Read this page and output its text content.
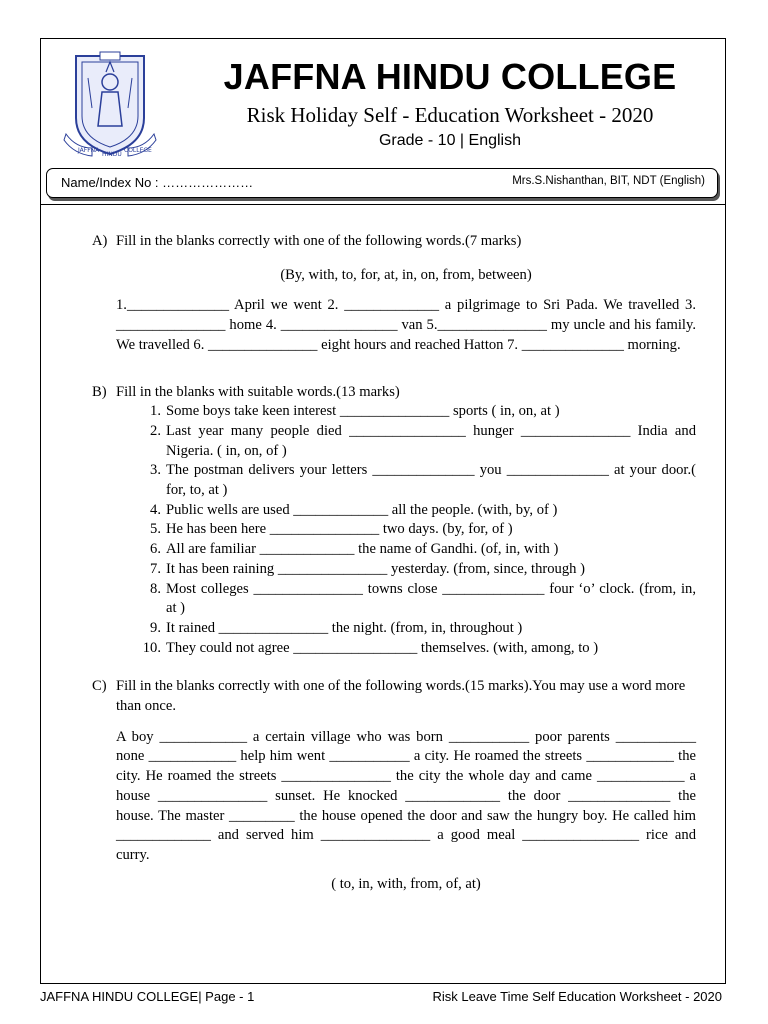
JAFFNA
HINDU
COLLEGE
JAFFNA HINDU COLLEGE
Risk Holiday Self - Education Worksheet - 2020
Grade - 10 | English
Name/Index No : …………………	Mrs.S.Nishanthan, BIT, NDT (English)
A) Fill in the blanks correctly with one of the following words.(7 marks)
(By, with, to, for, at, in, on, from, between)
1.______________ April we went 2. _____________ a pilgrimage to Sri Pada. We travelled 3. _______________ home 4. ________________ van 5._______________ my uncle and his family. We travelled 6. _______________ eight hours and reached Hatton 7. ______________ morning.
B) Fill in the blanks with suitable words.(13 marks)
1. Some boys take keen interest _______________ sports ( in, on, at )
2. Last year many people died ________________ hunger _______________ India and Nigeria. ( in, on, of )
3. The postman delivers your letters ______________ you ______________ at your door.( for, to, at )
4. Public wells are used _____________ all the people. (with, by, of )
5. He has been here _______________ two days. (by, for, of )
6. All are familiar _____________ the name of Gandhi. (of, in, with )
7. It has been raining _______________ yesterday. (from, since, through )
8. Most colleges _______________ towns close ______________ four ‘o’ clock. (from, in, at )
9. It rained _______________ the night. (from, in, throughout )
10. They could not agree _________________ themselves. (with, among, to )
C) Fill in the blanks correctly with one of the following words.(15 marks).You may use a word more than once.
A boy ____________ a certain village who was born ___________ poor parents ___________ none ____________ help him went ___________ a city. He roamed the streets ____________ the city. He roamed the streets _______________ the city the whole day and came ____________ a house _______________ sunset. He knocked _____________ the door ______________ the house. The master _________ the house opened the door and saw the hungry boy. He called him _____________ and served him _______________ a good meal ________________ rice and curry.
( to, in, with, from, of, at)
JAFFNA HINDU COLLEGE| Page - 1	Risk Leave Time Self Education Worksheet - 2020
